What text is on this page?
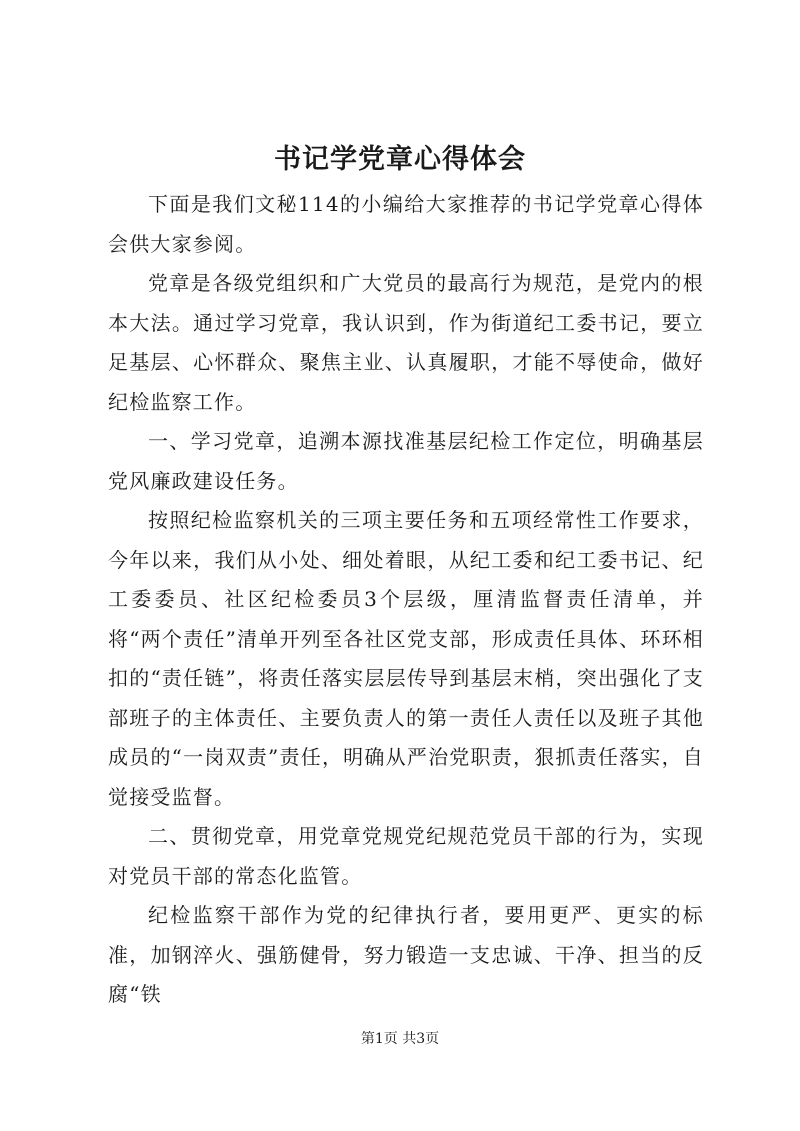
书记学党章心得体会

下面是我们文秘114的小编给大家推荐的书记学党章心得体会供大家参阅。

党章是各级党组织和广大党员的最高行为规范，是党内的根本大法。通过学习党章，我认识到，作为街道纪工委书记，要立足基层、心怀群众、聚焦主业、认真履职，才能不辱使命，做好纪检监察工作。

一、学习党章，追溯本源找准基层纪检工作定位，明确基层党风廉政建设任务。

按照纪检监察机关的三项主要任务和五项经常性工作要求，今年以来，我们从小处、细处着眼，从纪工委和纪工委书记、纪工委委员、社区纪检委员3个层级，厘清监督责任清单，并将“两个责任”清单开列至各社区党支部，形成责任具体、环环相扣的“责任链”，将责任落实层层传导到基层末梢，突出强化了支部班子的主体责任、主要负责人的第一责任人责任以及班子其他成员的“一岗双责”责任，明确从严治党职责，狠抓责任落实，自觉接受监督。

二、贯彻党章，用党章党规党纪规范党员干部的行为，实现对党员干部的常态化监管。

纪检监察干部作为党的纪律执行者，要用更严、更实的标准，加钢淬火、强筋健骨，努力锻造一支忠诚、干净、担当的反腐“铁

第1页 共3页
